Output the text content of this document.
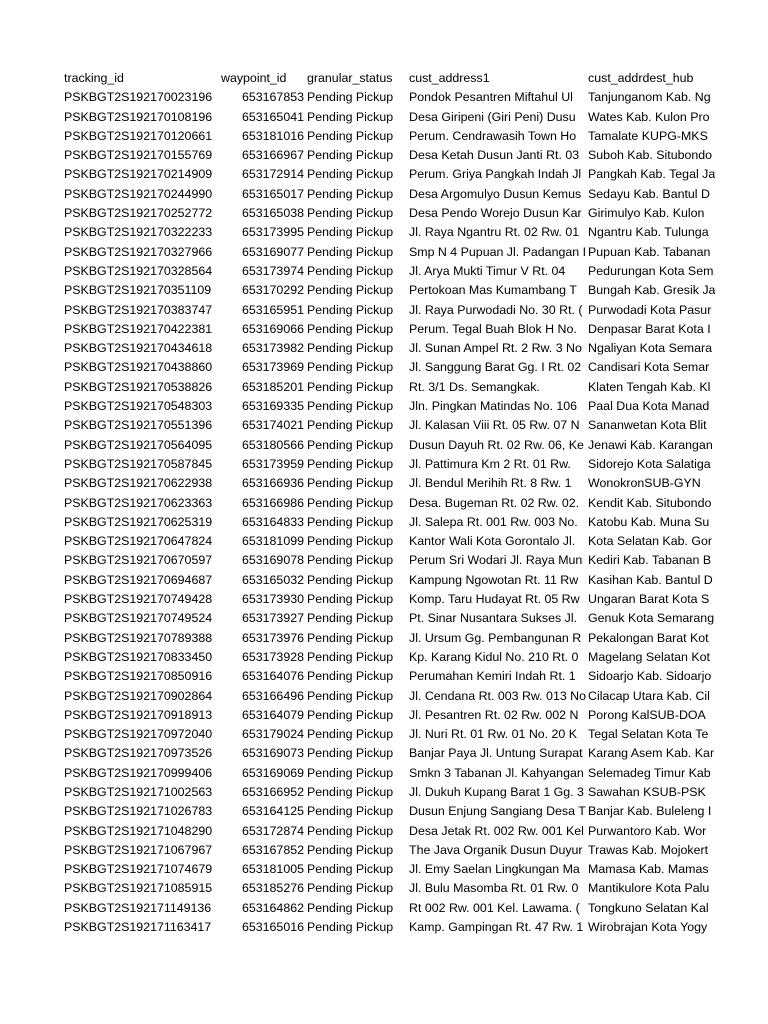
tracking_id	waypoint_id	granular_status	cust_address1	cust_addrdest_hub
PSKBGT2S192170023196	653167853	Pending Pickup	Pondok Pesantren Miftahul Ul	Tanjunganom Kab. Ng
PSKBGT2S192170108196	653165041	Pending Pickup	Desa Giripeni (Giri Peni) Dusu	Wates Kab. Kulon Pro
PSKBGT2S192170120661	653181016	Pending Pickup	Perum. Cendrawasih Town Ho	Tamalate KUPG-MKS
PSKBGT2S192170155769	653166967	Pending Pickup	Desa Ketah Dusun Janti Rt. 03	Suboh Kab. Situbondo
PSKBGT2S192170214909	653172914	Pending Pickup	Perum. Griya Pangkah Indah Jl	Pangkah Kab. Tegal Ja
PSKBGT2S192170244990	653165017	Pending Pickup	Desa Argomulyo Dusun Kemus	Sedayu Kab. Bantul D
PSKBGT2S192170252772	653165038	Pending Pickup	Desa Pendo Worejo Dusun Kar	Girimulyo Kab. Kulon
PSKBGT2S192170322233	653173995	Pending Pickup	Jl. Raya Ngantru Rt. 02 Rw. 01	Ngantru Kab. Tulunga
PSKBGT2S192170327966	653169077	Pending Pickup	Smp N 4 Pupuan Jl. Padangan I	Pupuan Kab. Tabanan
PSKBGT2S192170328564	653173974	Pending Pickup	Jl. Arya Mukti Timur V Rt. 04	Pedurungan Kota Sem
PSKBGT2S192170351109	653170292	Pending Pickup	Pertokoan Mas Kumambang T	Bungah Kab. Gresik Ja
PSKBGT2S192170383747	653165951	Pending Pickup	Jl. Raya Purwodadi No. 30 Rt. (	Purwodadi Kota Pasur
PSKBGT2S192170422381	653169066	Pending Pickup	Perum. Tegal Buah Blok H No.	Denpasar Barat Kota I
PSKBGT2S192170434618	653173982	Pending Pickup	Jl. Sunan Ampel Rt. 2 Rw. 3 No	Ngaliyan Kota Semara
PSKBGT2S192170438860	653173969	Pending Pickup	Jl. Sanggung Barat Gg. I Rt. 02	Candisari Kota Semar
PSKBGT2S192170538826	653185201	Pending Pickup	Rt. 3/1 Ds. Semangkak.	Klaten Tengah Kab. Kl
PSKBGT2S192170548303	653169335	Pending Pickup	Jln. Pingkan Matindas No. 106	Paal Dua Kota Manad
PSKBGT2S192170551396	653174021	Pending Pickup	Jl. Kalasan Viii Rt. 05 Rw. 07 N	Sananwetan Kota Blit
PSKBGT2S192170564095	653180566	Pending Pickup	Dusun Dayuh Rt. 02 Rw. 06, Ke	Jenawi Kab. Karangan
PSKBGT2S192170587845	653173959	Pending Pickup	Jl. Pattimura Km 2 Rt. 01 Rw.	Sidorejo Kota Salatiga
PSKBGT2S192170622938	653166936	Pending Pickup	Jl. Bendul Merihih Rt. 8 Rw. 1	WonokronSUB-GYN
PSKBGT2S192170623363	653166986	Pending Pickup	Desa. Bugeman Rt. 02 Rw. 02.	Kendit Kab. Situbondo
PSKBGT2S192170625319	653164833	Pending Pickup	Jl. Salepa Rt. 001 Rw. 003 No.	Katobu Kab. Muna Su
PSKBGT2S192170647824	653181099	Pending Pickup	Kantor Wali Kota Gorontalo Jl.	Kota Selatan Kab. Gor
PSKBGT2S192170670597	653169078	Pending Pickup	Perum Sri Wodari Jl. Raya Mun	Kediri Kab. Tabanan B
PSKBGT2S192170694687	653165032	Pending Pickup	Kampung Ngowotan Rt. 11 Rw	Kasihan Kab. Bantul D
PSKBGT2S192170749428	653173930	Pending Pickup	Komp. Taru Hudayat Rt. 05 Rw	Ungaran Barat Kota S
PSKBGT2S192170749524	653173927	Pending Pickup	Pt. Sinar Nusantara Sukses Jl.	Genuk Kota Semarang
PSKBGT2S192170789388	653173976	Pending Pickup	Jl. Ursum Gg. Pembangunan R	Pekalongan Barat Kot
PSKBGT2S192170833450	653173928	Pending Pickup	Kp. Karang Kidul No. 210 Rt. 0	Magelang Selatan Kot
PSKBGT2S192170850916	653164076	Pending Pickup	Perumahan Kemiri Indah Rt. 1	Sidoarjo Kab. Sidoarjo
PSKBGT2S192170902864	653166496	Pending Pickup	Jl. Cendana Rt. 003 Rw. 013 No	Cilacap Utara Kab. Cil
PSKBGT2S192170918913	653164079	Pending Pickup	Jl. Pesantren Rt. 02 Rw. 002 N	Porong KalSUB-DOA
PSKBGT2S192170972040	653179024	Pending Pickup	Jl. Nuri Rt. 01 Rw. 01 No. 20 K	Tegal Selatan Kota Te
PSKBGT2S192170973526	653169073	Pending Pickup	Banjar Paya Jl. Untung Surapat	Karang Asem Kab. Kar
PSKBGT2S192170999406	653169069	Pending Pickup	Smkn 3 Tabanan Jl. Kahyangan	Selemadeg Timur Kab
PSKBGT2S192171002563	653166952	Pending Pickup	Jl. Dukuh Kupang Barat 1 Gg. 3	Sawahan KSUB-PSK
PSKBGT2S192171026783	653164125	Pending Pickup	Dusun Enjung Sangiang Desa T	Banjar Kab. Buleleng I
PSKBGT2S192171048290	653172874	Pending Pickup	Desa Jetak Rt. 002 Rw. 001 Kel	Purwantoro Kab. Wor
PSKBGT2S192171067967	653167852	Pending Pickup	The Java Organik Dusun Duyur	Trawas Kab. Mojokert
PSKBGT2S192171074679	653181005	Pending Pickup	Jl. Emy Saelan Lingkungan Ma	Mamasa Kab. Mamas
PSKBGT2S192171085915	653185276	Pending Pickup	Jl. Bulu Masomba Rt. 01 Rw. 0	Mantikulore Kota Palu
PSKBGT2S192171149136	653164862	Pending Pickup	Rt 002 Rw. 001 Kel. Lawama. (	Tongkuno Selatan Kal
PSKBGT2S192171163417	653165016	Pending Pickup	Kamp. Gampingan Rt. 47 Rw. 1	Wirobrajan Kota Yogy
